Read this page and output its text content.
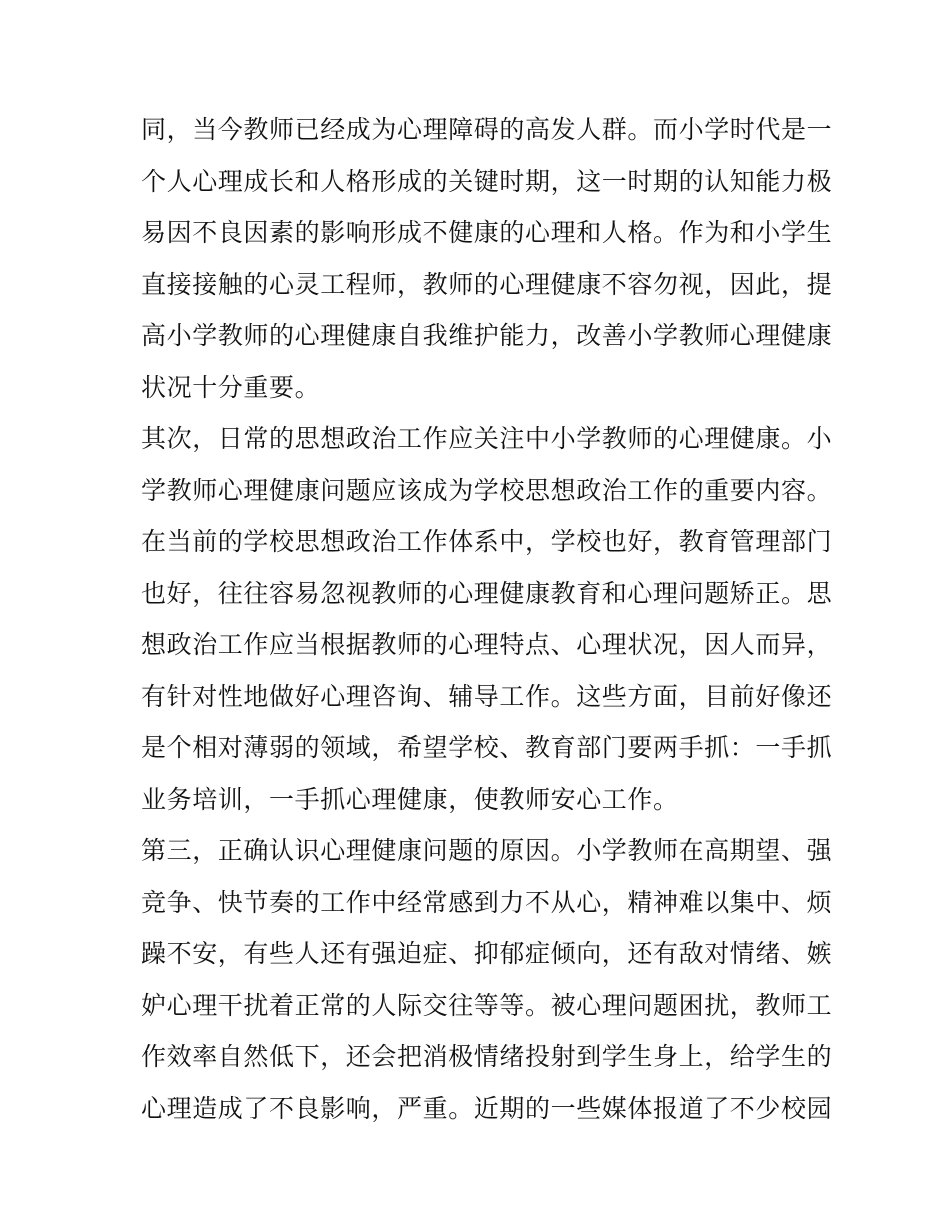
同，当今教师已经成为心理障碍的高发人群。而小学时代是一
个人心理成长和人格形成的关键时期，这一时期的认知能力极
易因不良因素的影响形成不健康的心理和人格。作为和小学生
直接接触的心灵工程师，教师的心理健康不容勿视，因此，提
高小学教师的心理健康自我维护能力，改善小学教师心理健康
状况十分重要。
其次，日常的思想政治工作应关注中小学教师的心理健康。小
学教师心理健康问题应该成为学校思想政治工作的重要内容。
在当前的学校思想政治工作体系中，学校也好，教育管理部门
也好，往往容易忽视教师的心理健康教育和心理问题矫正。思
想政治工作应当根据教师的心理特点、心理状况，因人而异，
有针对性地做好心理咨询、辅导工作。这些方面，目前好像还
是个相对薄弱的领域，希望学校、教育部门要两手抓：一手抓
业务培训，一手抓心理健康，使教师安心工作。
第三，正确认识心理健康问题的原因。小学教师在高期望、强
竞争、快节奏的工作中经常感到力不从心，精神难以集中、烦
躁不安，有些人还有强迫症、抑郁症倾向，还有敌对情绪、嫉
妒心理干扰着正常的人际交往等等。被心理问题困扰，教师工
作效率自然低下，还会把消极情绪投射到学生身上，给学生的
心理造成了不良影响，严重。近期的一些媒体报道了不少校园
